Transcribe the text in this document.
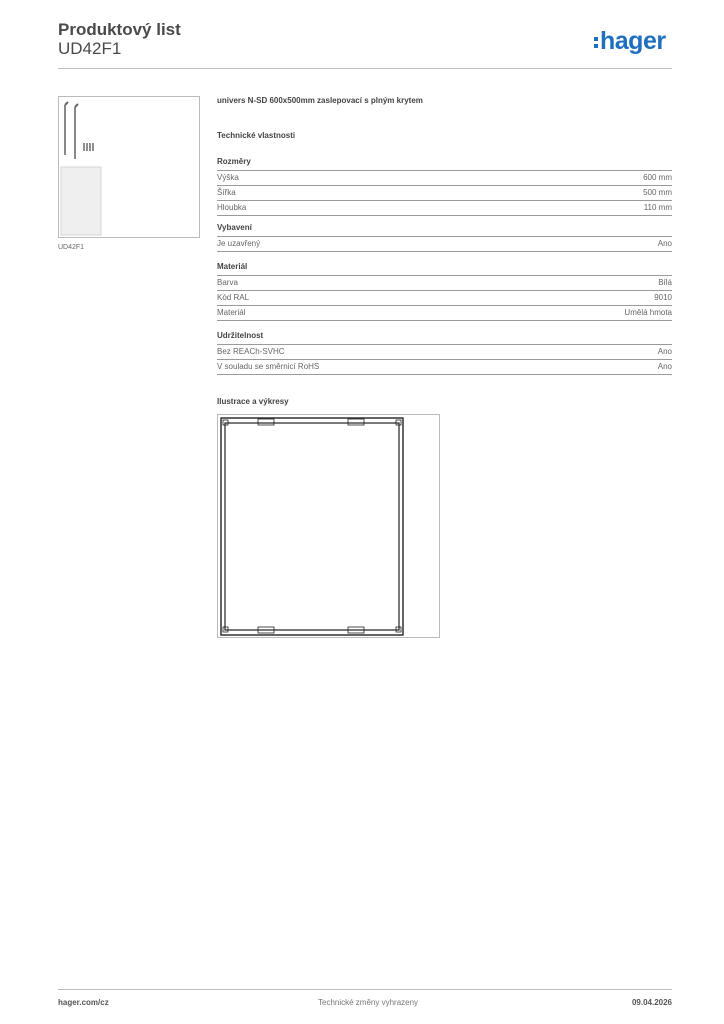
Produktový list
UD42F1	hager
UD42F1
univers N-SD 600x500mm zaslepovací s plným krytem
Technické vlastnosti
Rozměry
Výška	600 mm
Šířka	500 mm
Hloubka	110 mm
Vybavení
Je uzavřený	Ano
Materiál
Barva	Bílá
Kód RAL	9010
Materiál	Umělá hmota
Udržitelnost
Bez REACh-SVHC	Ano
V souladu se směrnicí RoHS	Ano
Ilustrace a výkresy
hager.com/cz	Technické změny vyhrazeny	09.04.2026
